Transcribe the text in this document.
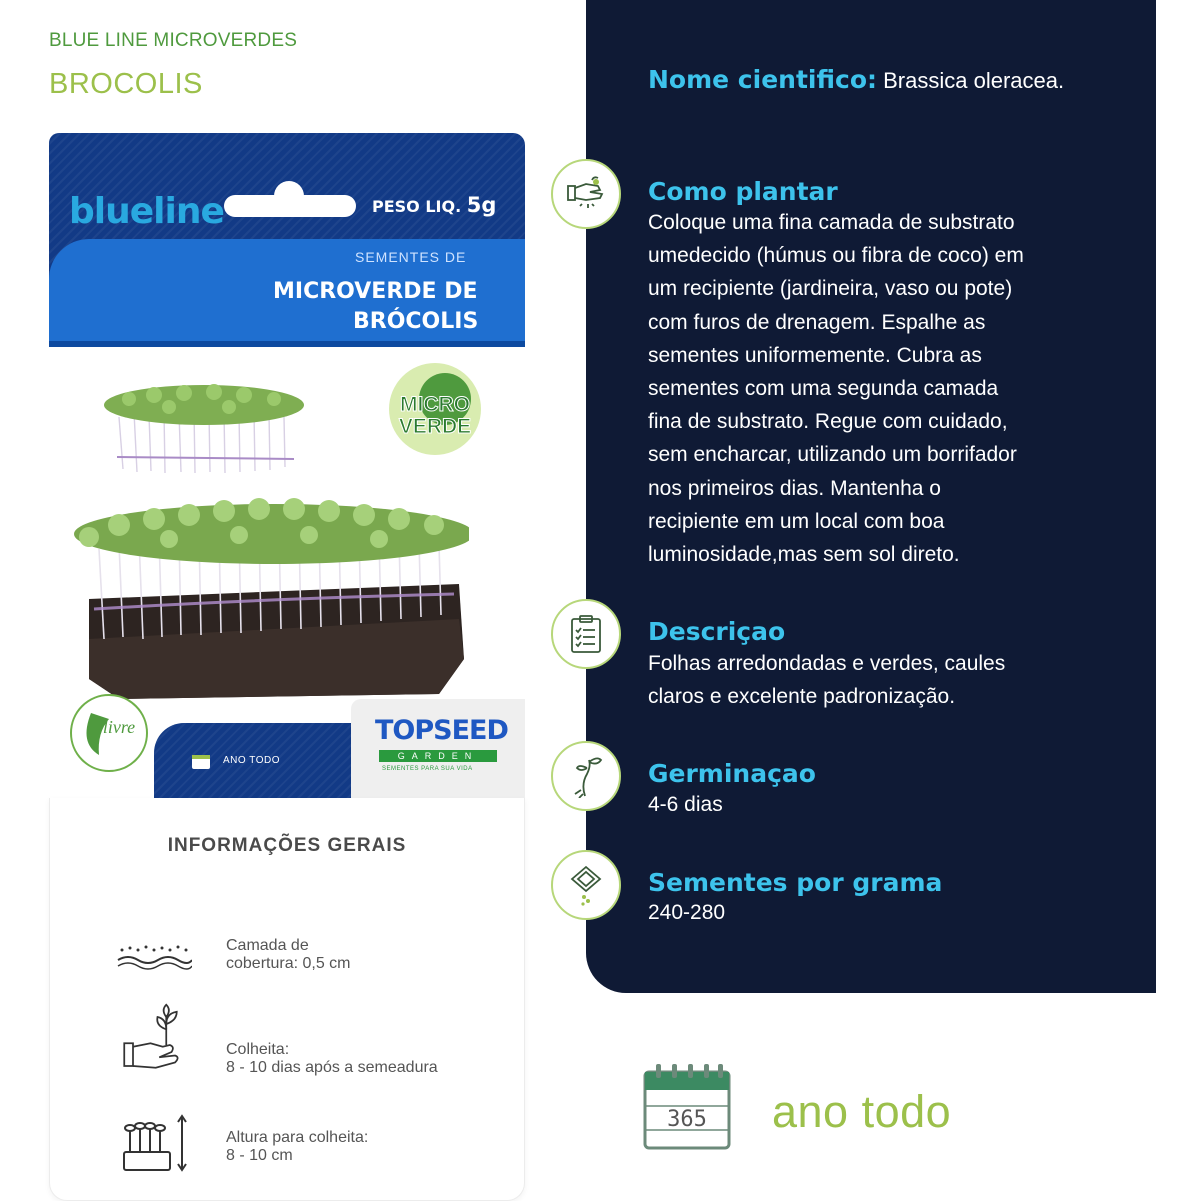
BLUE LINE MICROVERDES
BROCOLIS
blueline	PESO LIQ. 5g
SEMENTES DE
MICROVERDE DE
BRÓCOLIS
MICRO
VERDE
livre
ANO TODO
TOPSEED
GARDEN
SEMENTES PARA SUA VIDA
INFORMAÇÕES GERAIS
Camada de
cobertura: 0,5 cm
Colheita:
8 - 10 dias após a semeadura
Altura para colheita:
8 - 10 cm
Nome cientifico: Brassica oleracea.
Como plantar
Coloque uma fina camada de substrato
umedecido (húmus ou fibra de coco) em
um recipiente (jardineira, vaso ou pote)
com furos de drenagem. Espalhe as
sementes uniformemente. Cubra as
sementes com uma segunda camada
fina de substrato. Regue com cuidado,
sem encharcar, utilizando um borrifador
nos primeiros dias. Mantenha o
recipiente em um local com boa
luminosidade,mas sem sol direto.
Descriçao
Folhas arredondadas e verdes, caules
claros e excelente padronização.
Germinaçao
4-6 dias
Sementes por grama
240-280
365 ano todo
